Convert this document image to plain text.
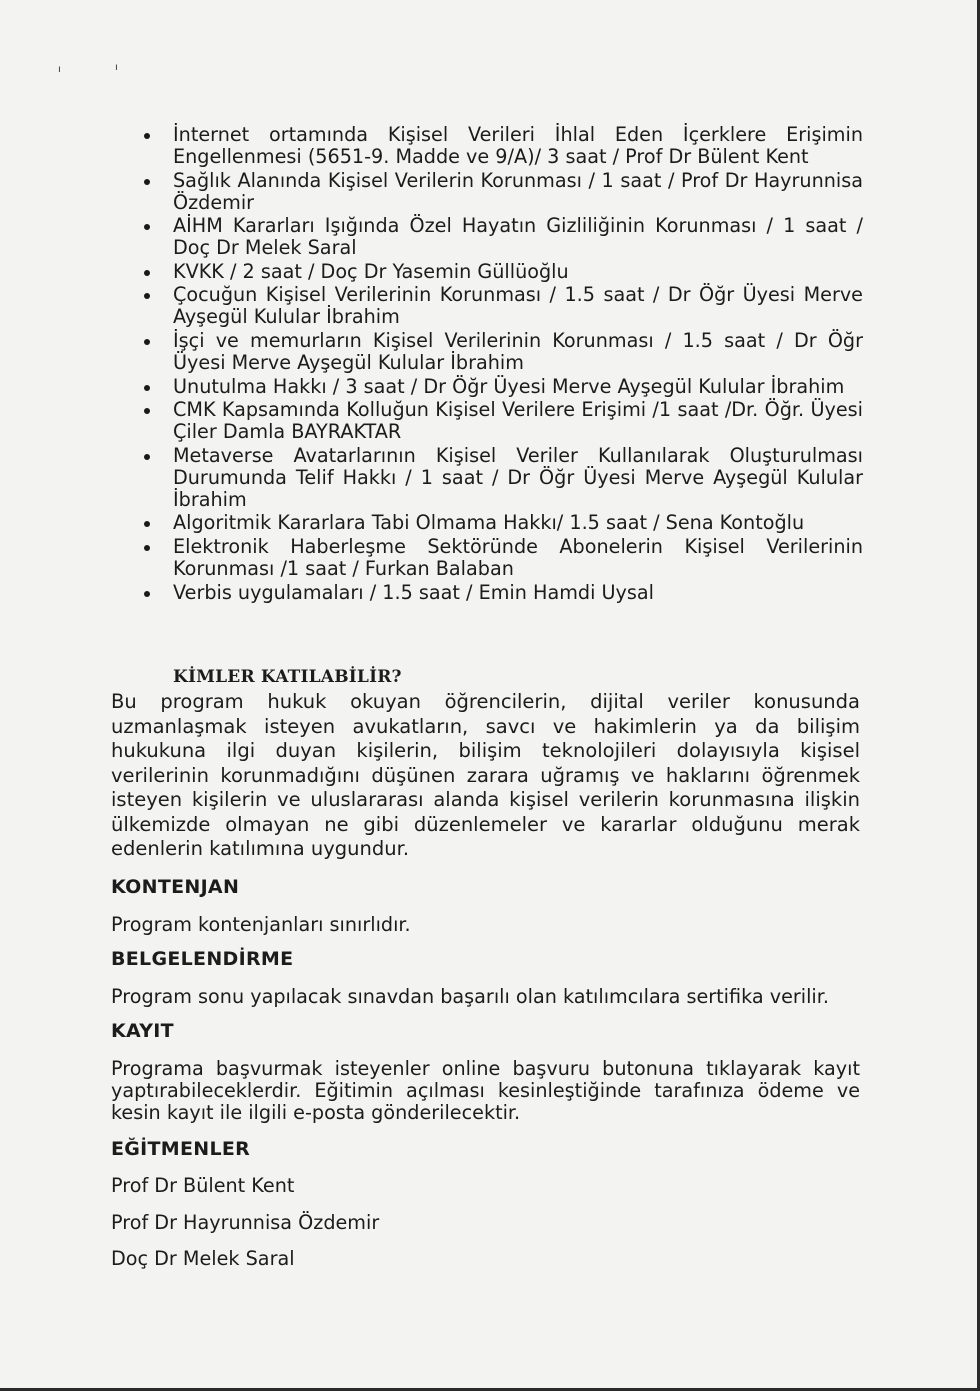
ı	ı
İnternet ortamında Kişisel Verileri İhlal Eden İçerklere Erişimin Engellenmesi (5651-9. Madde ve 9/A)/ 3 saat / Prof Dr Bülent Kent
Sağlık Alanında Kişisel Verilerin Korunması / 1 saat / Prof Dr Hayrunnisa Özdemir
AİHM Kararları Işığında Özel Hayatın Gizliliğinin Korunması / 1 saat / Doç Dr Melek Saral
KVKK / 2 saat / Doç Dr Yasemin Güllüoğlu
Çocuğun Kişisel Verilerinin Korunması / 1.5 saat / Dr Öğr Üyesi Merve Ayşegül Kulular İbrahim
İşçi ve memurların Kişisel Verilerinin Korunması / 1.5 saat / Dr Öğr Üyesi Merve Ayşegül Kulular İbrahim
Unutulma Hakkı / 3 saat / Dr Öğr Üyesi Merve Ayşegül Kulular İbrahim
CMK Kapsamında Kolluğun Kişisel Verilere Erişimi /1 saat /Dr. Öğr. Üyesi Çiler Damla BAYRAKTAR
Metaverse Avatarlarının Kişisel Veriler Kullanılarak Oluşturulması Durumunda Telif Hakkı / 1 saat / Dr Öğr Üyesi Merve Ayşegül Kulular İbrahim
Algoritmik Kararlara Tabi Olmama Hakkı/ 1.5 saat / Sena Kontoğlu
Elektronik Haberleşme Sektöründe Abonelerin Kişisel Verilerinin Korunması /1 saat / Furkan Balaban
Verbis uygulamaları / 1.5 saat / Emin Hamdi Uysal
KİMLER KATILABİLİR?

Bu program hukuk okuyan öğrencilerin, dijital veriler konusunda uzmanlaşmak isteyen avukatların, savcı ve hakimlerin ya da bilişim hukukuna ilgi duyan kişilerin, bilişim teknolojileri dolayısıyla kişisel verilerinin korunmadığını düşünen zarara uğramış ve haklarını öğrenmek isteyen kişilerin ve uluslararası alanda kişisel verilerin korunmasına ilişkin ülkemizde olmayan ne gibi düzenlemeler ve kararlar olduğunu merak edenlerin katılımına uygundur.

KONTENJAN

Program kontenjanları sınırlıdır.

BELGELENDİRME

Program sonu yapılacak sınavdan başarılı olan katılımcılara sertifika verilir.

KAYIT

Programa başvurmak isteyenler online başvuru butonuna tıklayarak kayıt yaptırabileceklerdir. Eğitimin açılması kesinleştiğinde tarafınıza ödeme ve kesin kayıt ile ilgili e-posta gönderilecektir.

EĞİTMENLER
Prof Dr Bülent Kent
Prof Dr Hayrunnisa Özdemir
Doç Dr Melek Saral
